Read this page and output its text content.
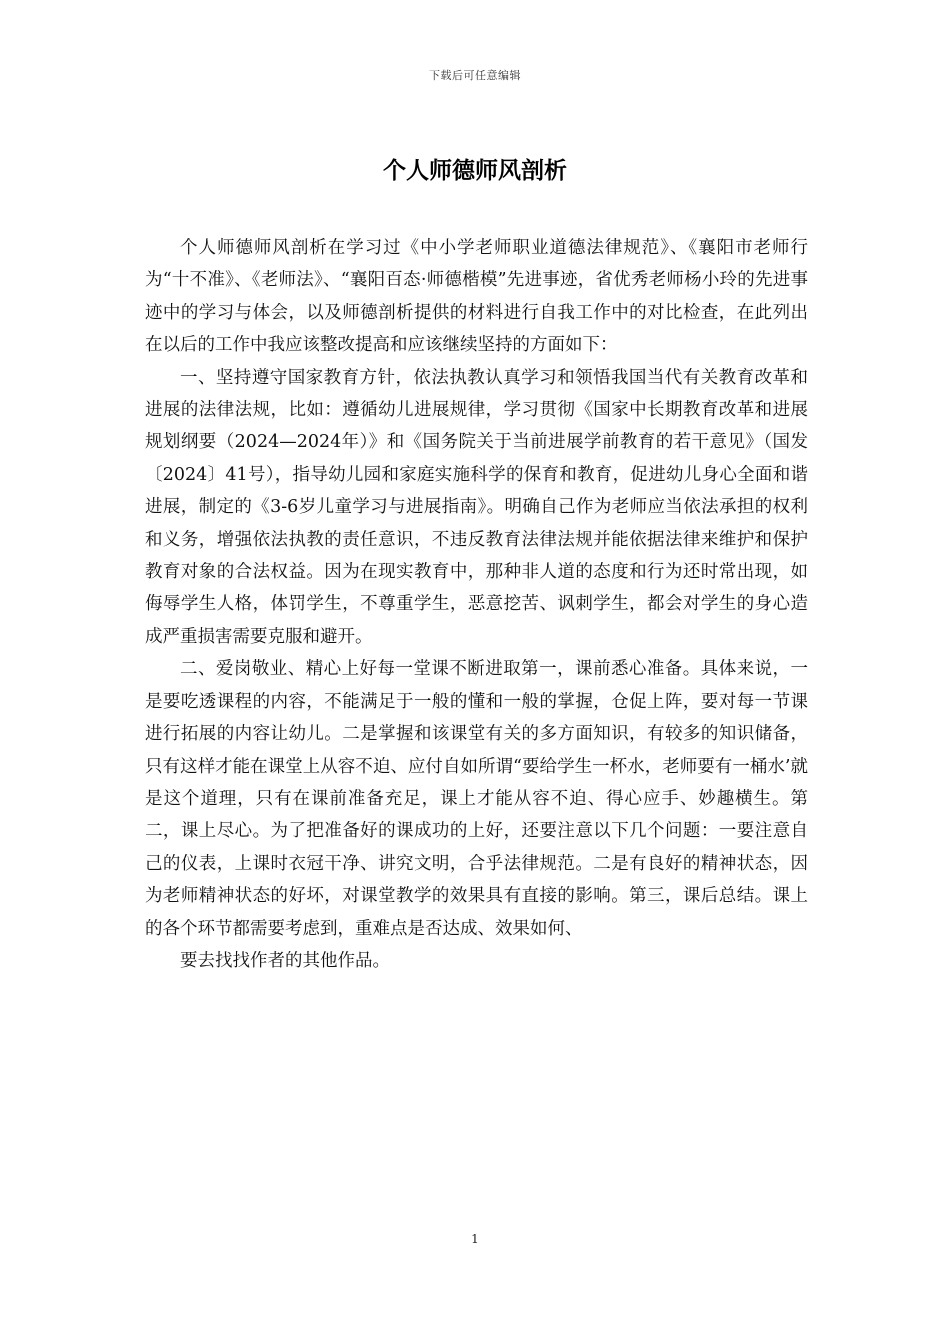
下载后可任意编辑
个人师德师风剖析

个人师德师风剖析在学习过《中小学老师职业道德法律规范》、《襄阳市老师行为“十不准》、《老师法》、“襄阳百态·师德楷模”先进事迹，省优秀老师杨小玲的先进事迹中的学习与体会，以及师德剖析提供的材料进行自我工作中的对比检查，在此列出在以后的工作中我应该整改提高和应该继续坚持的方面如下：

一、坚持遵守国家教育方针，依法执教认真学习和领悟我国当代有关教育改革和进展的法律法规，比如：遵循幼儿进展规律，学习贯彻《国家中长期教育改革和进展规划纲要（2024—2024年）》和《国务院关于当前进展学前教育的若干意见》（国发〔2024〕41号），指导幼儿园和家庭实施科学的保育和教育，促进幼儿身心全面和谐进展，制定的《3-6岁儿童学习与进展指南》。明确自己作为老师应当依法承担的权利和义务，增强依法执教的责任意识，不违反教育法律法规并能依据法律来维护和保护教育对象的合法权益。因为在现实教育中，那种非人道的态度和行为还时常出现，如侮辱学生人格，体罚学生，不尊重学生，恶意挖苦、讽刺学生，都会对学生的身心造成严重损害需要克服和避开。

二、爱岗敬业、精心上好每一堂课不断进取第一，课前悉心准备。具体来说，一是要吃透课程的内容，不能满足于一般的懂和一般的掌握，仓促上阵，要对每一节课进行拓展的内容让幼儿。二是掌握和该课堂有关的多方面知识，有较多的知识储备，只有这样才能在课堂上从容不迫、应付自如所谓“要给学生一杯水，老师要有一桶水’就是这个道理，只有在课前准备充足，课上才能从容不迫、得心应手、妙趣横生。第二，课上尽心。为了把准备好的课成功的上好，还要注意以下几个问题：一要注意自己的仪表，上课时衣冠干净、讲究文明，合乎法律规范。二是有良好的精神状态，因为老师精神状态的好坏，对课堂教学的效果具有直接的影响。第三，课后总结。课上的各个环节都需要考虑到，重难点是否达成、效果如何、

要去找找作者的其他作品。

1
